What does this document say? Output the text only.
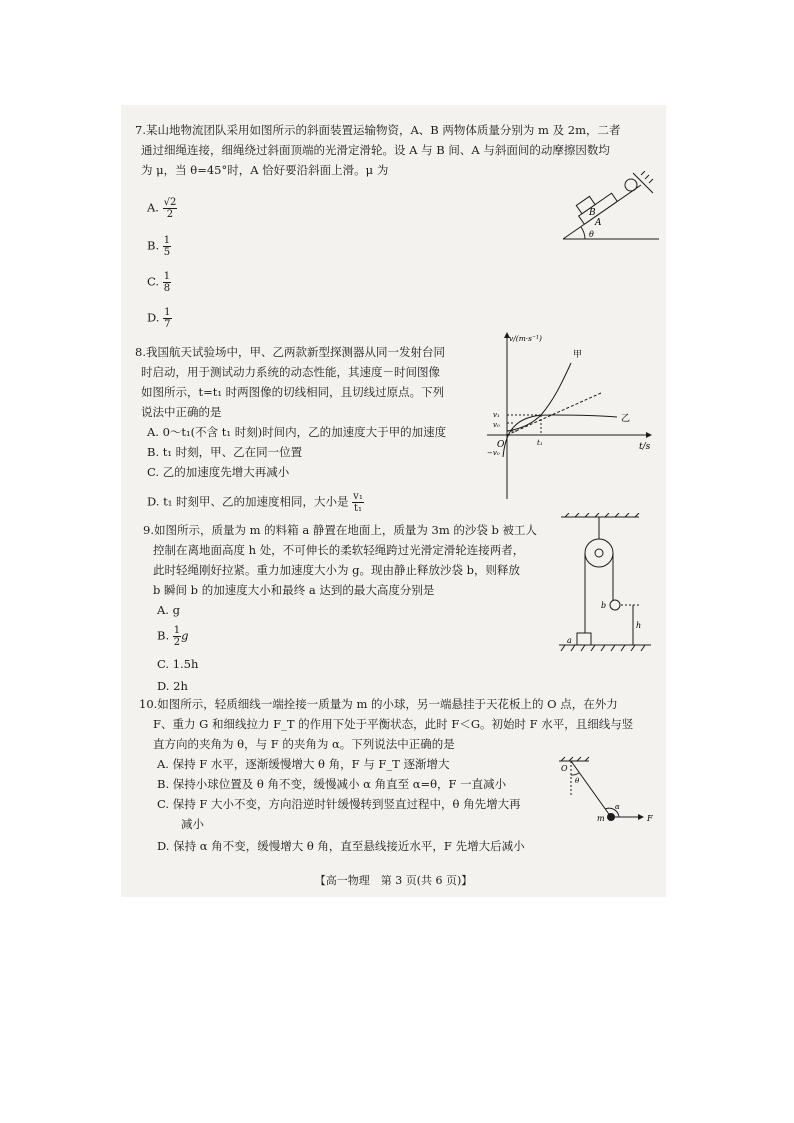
7.某山地物流团队采用如图所示的斜面装置运输物资，A、B 两物体质量分别为 m 及 2m，二者
通过细绳连接，细绳绕过斜面顶端的光滑定滑轮。设 A 与 B 间、A 与斜面间的动摩擦因数均
为 μ，当 θ=45°时，A 恰好要沿斜面上滑。μ 为
A. $\frac{√2}{2}$
B. $\frac{1}{5}$
C. $\frac{1}{8}$
D. $\frac{1}{7}$
A
B
θ
8.我国航天试验场中，甲、乙两款新型探测器从同一发射台同
时启动，用于测试动力系统的动态性能，其速度－时间图像
如图所示，t=t₁ 时两图像的切线相同，且切线过原点。下列
说法中正确的是
A. 0～t₁(不含 t₁ 时刻)时间内，乙的加速度大于甲的加速度
B. t₁ 时刻，甲、乙在同一位置
C. 乙的加速度先增大再减小
D. t₁ 时刻甲、乙的加速度相同，大小是 $\frac{\text{v₁}}{\text{t₁}}$
v/(m·s⁻¹)
t/s
O
甲
乙
v₁
v₀
−v₀
t₁
9.如图所示，质量为 m 的料箱 a 静置在地面上，质量为 3m 的沙袋 b 被工人
控制在离地面高度 h 处，不可伸长的柔软轻绳跨过光滑定滑轮连接两者，
此时轻绳刚好拉紧。重力加速度大小为 g。现由静止释放沙袋 b，则释放
b 瞬间 b 的加速度大小和最终 a 达到的最大高度分别是
A. g
B. $\frac{1}{2}$ g
C. 1.5h
D. 2h
a
b
h
10.如图所示，轻质细线一端拴接一质量为 m 的小球，另一端悬挂于天花板上的 O 点，在外力
F、重力 G 和细线拉力 F_T 的作用下处于平衡状态，此时 F＜G。初始时 F 水平，且细线与竖
直方向的夹角为 θ，与 F 的夹角为 α。下列说法中正确的是
A. 保持 F 水平，逐渐缓慢增大 θ 角，F 与 F_T 逐渐增大
B. 保持小球位置及 θ 角不变，缓慢减小 α 角直至 α=θ，F 一直减小
C. 保持 F 大小不变，方向沿逆时针缓慢转到竖直过程中，θ 角先增大再
减小
D. 保持 α 角不变，缓慢增大 θ 角，直至悬线接近水平，F 先增大后减小
O
θ
α
m	F
【高一物理　第 3 页(共 6 页)】
